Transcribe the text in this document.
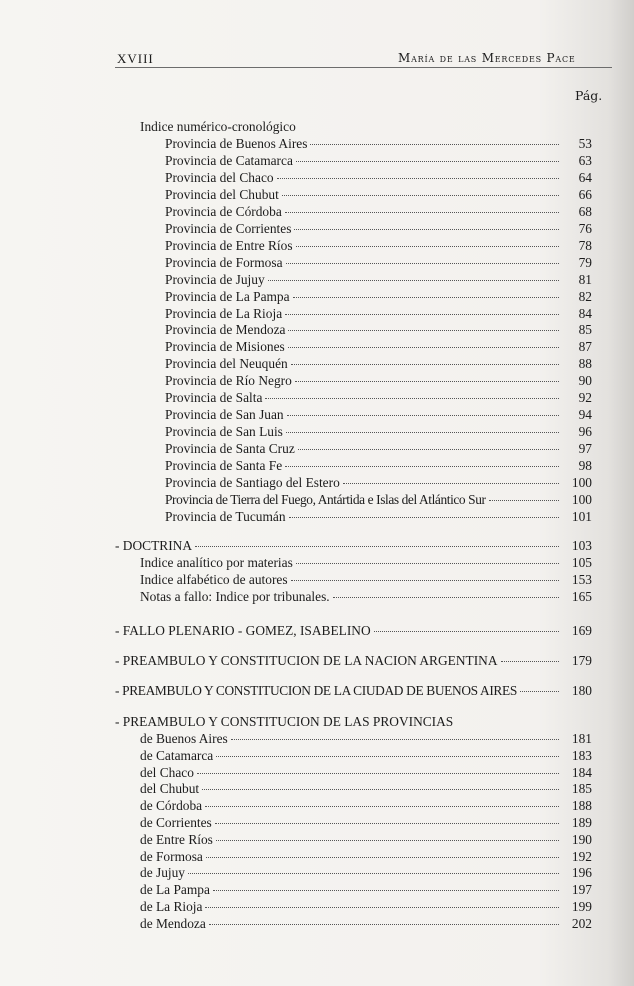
XVIII	María de las Mercedes Pace
Pág.
Indice numérico-cronológico
Provincia de Buenos Aires	53
Provincia de Catamarca	63
Provincia del Chaco	64
Provincia del Chubut	66
Provincia de Córdoba	68
Provincia de Corrientes	76
Provincia de Entre Ríos	78
Provincia de Formosa	79
Provincia de Jujuy	81
Provincia de La Pampa	82
Provincia de La Rioja	84
Provincia de Mendoza	85
Provincia de Misiones	87
Provincia del Neuquén	88
Provincia de Río Negro	90
Provincia de Salta	92
Provincia de San Juan	94
Provincia de San Luis	96
Provincia de Santa Cruz	97
Provincia de Santa Fe	98
Provincia de Santiago del Estero	100
Provincia de Tierra del Fuego, Antártida e Islas del Atlántico Sur	100
Provincia de Tucumán	101
- DOCTRINA	103
Indice analítico por materias	105
Indice alfabético de autores	153
Notas a fallo: Indice por tribunales.	165
- FALLO PLENARIO - GOMEZ, ISABELINO	169
- PREAMBULO Y CONSTITUCION DE LA NACION ARGENTINA	179
- PREAMBULO Y CONSTITUCION DE LA CIUDAD DE BUENOS AIRES	180
- PREAMBULO Y CONSTITUCION DE LAS PROVINCIAS
de Buenos Aires	181
de Catamarca	183
del Chaco	184
del Chubut	185
de Córdoba	188
de Corrientes	189
de Entre Ríos	190
de Formosa	192
de Jujuy	196
de La Pampa	197
de La Rioja	199
de Mendoza	202
